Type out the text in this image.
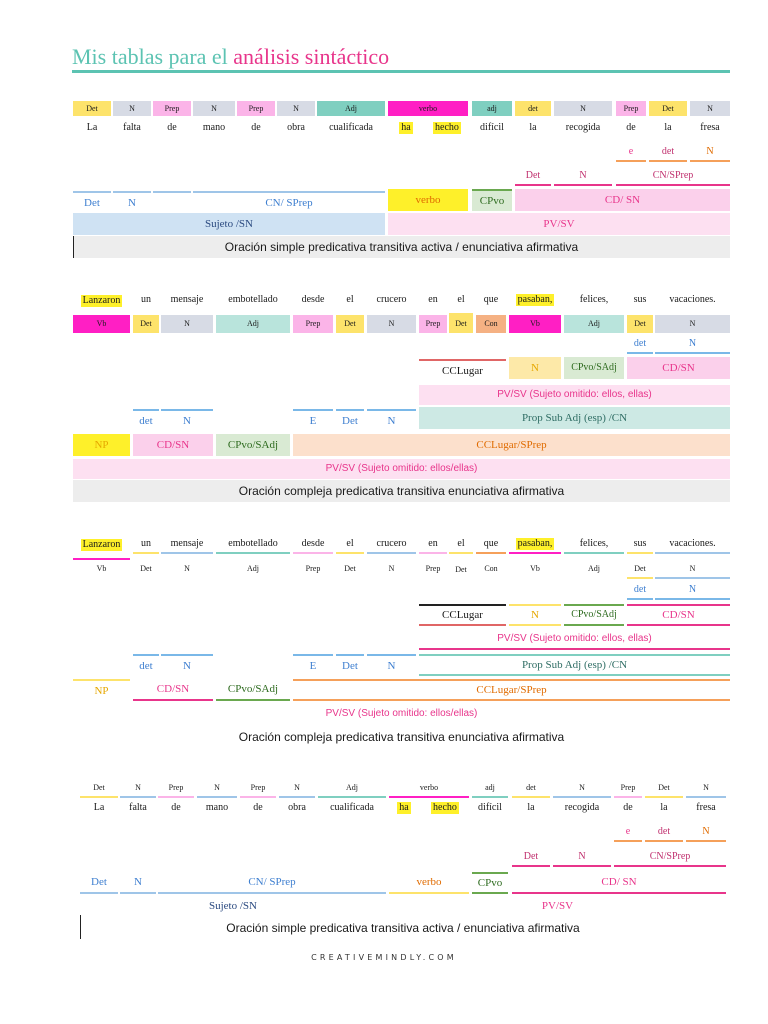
Mis tablas para el análisis sintáctico
Det	N	Prep	N	Prep	N	Adj	verbo	adj	det	N	Prep	Det	N
La	falta	de	mano	de	obra	cualificada	ha hecho	difícil	la	recogida	de	la	fresa
e	det	N
Det	N	CN/SPrep
Det	N	CN/ SPrep	verbo	CPvo	CD/ SN
Sujeto /SN	PV/SV
Oración simple predicativa transitiva activa / enunciativa afirmativa
Lanzaron	un	mensaje	embotellado	desde	el	crucero	en	el	que	pasaban,	felices,	sus	vacaciones.
Vb	Det	N	Adj	Prep	Det	N	Prep	Det	Con	Vb	Adj	Det	N
det	N
CCLugar	N	CPvo/SAdj	CD/SN
PV/SV (Sujeto omitido: ellos, ellas)
det	N	E	Det	N	Prop Sub Adj (esp) /CN
NP	CD/SN	CPvo/SAdj	CCLugar/SPrep
PV/SV (Sujeto omitido: ellos/ellas)
Oración compleja predicativa transitiva enunciativa afirmativa
Lanzaron	un	mensaje	embotellado	desde	el	crucero	en	el	que	pasaban,	felices,	sus	vacaciones.
Vb	Det	N	Adj	Prep	Det	N	Prep	Det	Con	Vb	Adj	Det	N
det	N
CCLugar	N	CPvo/SAdj	CD/SN
PV/SV (Sujeto omitido: ellos, ellas)
det	N	E	Det	N	Prop Sub Adj (esp) /CN
NP	CD/SN	CPvo/SAdj	CCLugar/SPrep
PV/SV (Sujeto omitido: ellos/ellas)
Oración compleja predicativa transitiva enunciativa afirmativa
Det	N	Prep	N	Prep	N	Adj	verbo	adj	det	N	Prep	Det	N
La	falta	de	mano	de	obra	cualificada	ha hecho	difícil	la	recogida	de	la	fresa
e	det	N
Det	N	CN/SPrep
Det	N	CN/ SPrep	verbo	CPvo	CD/ SN
Sujeto /SN	PV/SV
Oración simple predicativa transitiva activa / enunciativa afirmativa
CREATIVEMINDLY.COM
